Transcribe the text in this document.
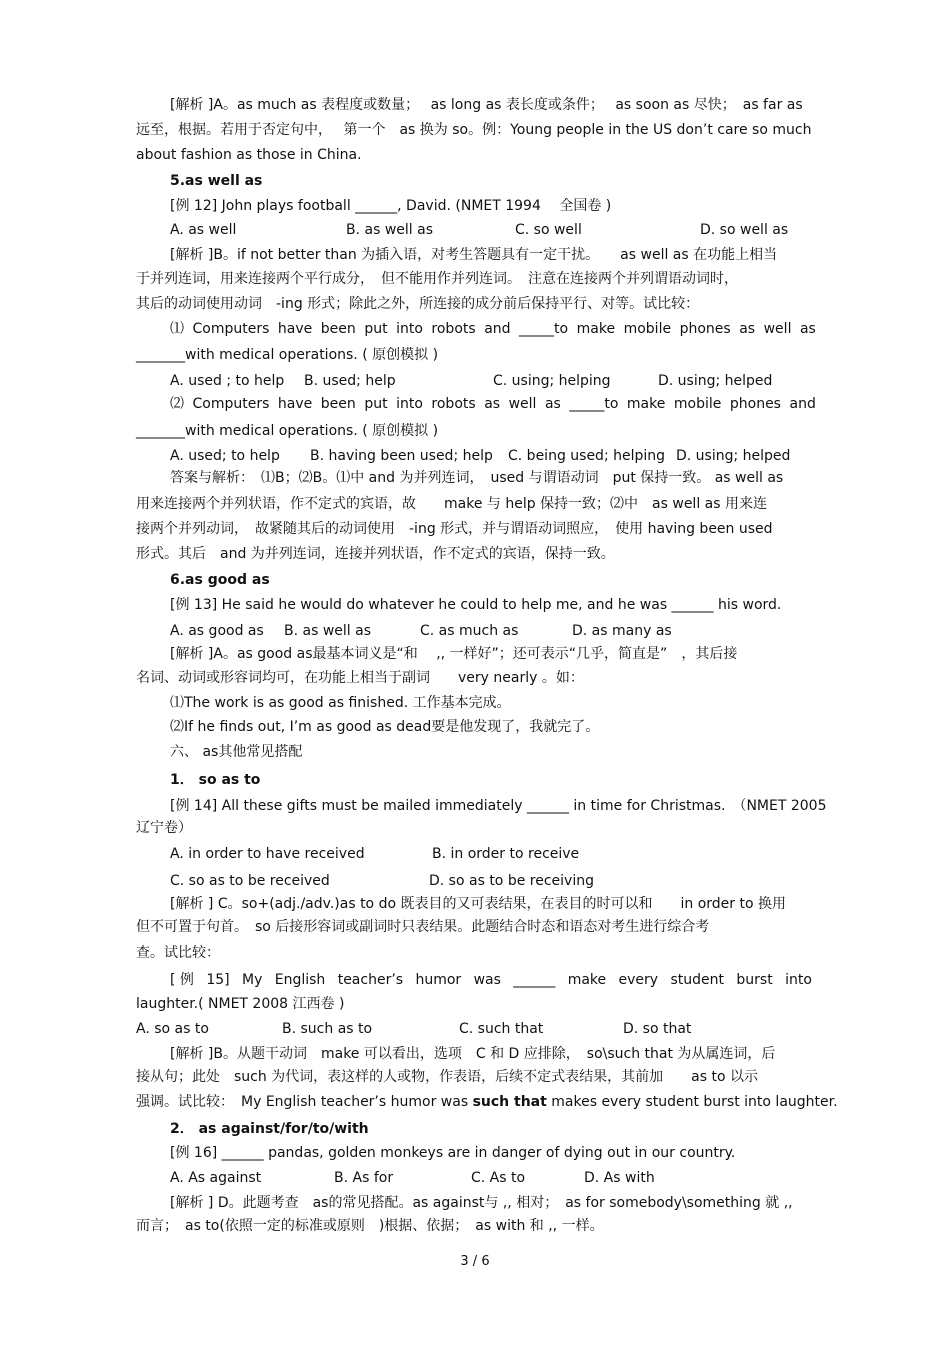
[解析 ]A。as much as 表程度或数量；　 as long as 表长度或条件；　 as soon as 尽快；　as far as
远至，根据。若用于否定句中，　 第一个　as 换为 so。例：Young people in the US don’t care so much
about fashion as those in China.
5.as well as
[例 12] John plays football ______, David. (NMET 1994　 全国卷 )
A. as well	B. as well as	C. so well	D. so well as
[解析 ]B。if not better than 为插入语，对考生答题具有一定干扰。　　as well as 在功能上相当
于并列连词，用来连接两个平行成分，　但不能用作并列连词。　注意在连接两个并列谓语动词时，
其后的动词使用动词　-ing 形式；除此之外，所连接的成分前后保持平行、对等。试比较：
⑴ Computers have been put into robots and _____to make mobile phones as well as
_______with medical operations. ( 原创模拟 )
A. used ; to help B. used; help	C. using; helping	D. using; helped
⑵ Computers have been put into robots as well as _____to make mobile phones and
_______with medical operations. ( 原创模拟 )
A. used; to help B. having been used; help C. being used; helping D. using; helped
答案与解析：　⑴B；⑵B。⑴中 and 为并列连词，　used 与谓语动词　put 保持一致。 as well as
用来连接两个并列状语，作不定式的宾语，故　　make 与 help 保持一致；⑵中　as well as 用来连
接两个并列动词，　故紧随其后的动词使用　-ing 形式，并与谓语动词照应，　使用 having been used
形式。其后　and 为并列连词，连接并列状语，作不定式的宾语，保持一致。
6.as good as
[例 13] He said he would do whatever he could to help me, and he was ______ his word.
A. as good as B. as well as	C. as much as	D. as many as
[解析 ]A。as good as最基本词义是“和　 ,, 一样好”；还可表示“几乎，简直是”　，其后接
名词、动词或形容词均可，在功能上相当于副词　　very nearly 。如：
⑴The work is as good as finished. 工作基本完成。
⑵If he finds out, I’m as good as dead要是他发现了，我就完了。
六、 as其他常见搭配
1． so as to
[例 14] All these gifts must be mailed immediately ______ in time for Christmas.　（NMET 2005
辽宁卷）
A. in order to have received	B. in order to receive
C. so as to be received	D. so as to be receiving
[解析 ] C。so+(adj./adv.)as to do 既表目的又可表结果，在表目的时可以和　　in order to 换用
但不可置于句首。　so 后接形容词或副词时只表结果。此题结合时态和语态对考生进行综合考
查。试比较：
[ 例 15] My English teacher’s humor was ______ make every student burst into
laughter.( NMET 2008 江西卷 )
A. so as to	B. such as to	C. such that	D. so that
[解析 ]B。从题干动词　make 可以看出，选项　C 和 D 应排除，　so\such that 为从属连词，后
接从句；此处　such 为代词，表这样的人或物，作表语，后续不定式表结果，其前加　　as to 以示
强调。试比较：　My English teacher’s humor was such that makes every student burst into laughter.
2． as against/for/to/with
[例 16] ______ pandas, golden monkeys are in danger of dying out in our country.
A. As against	B. As for	C. As to	D. As with
[解析 ] D。此题考查　as的常见搭配。as against与 ,, 相对；　as for somebody\something 就 ,,
而言；　as to(依照一定的标准或原则　)根据、依据；　as with 和 ,, 一样。
3 / 6
